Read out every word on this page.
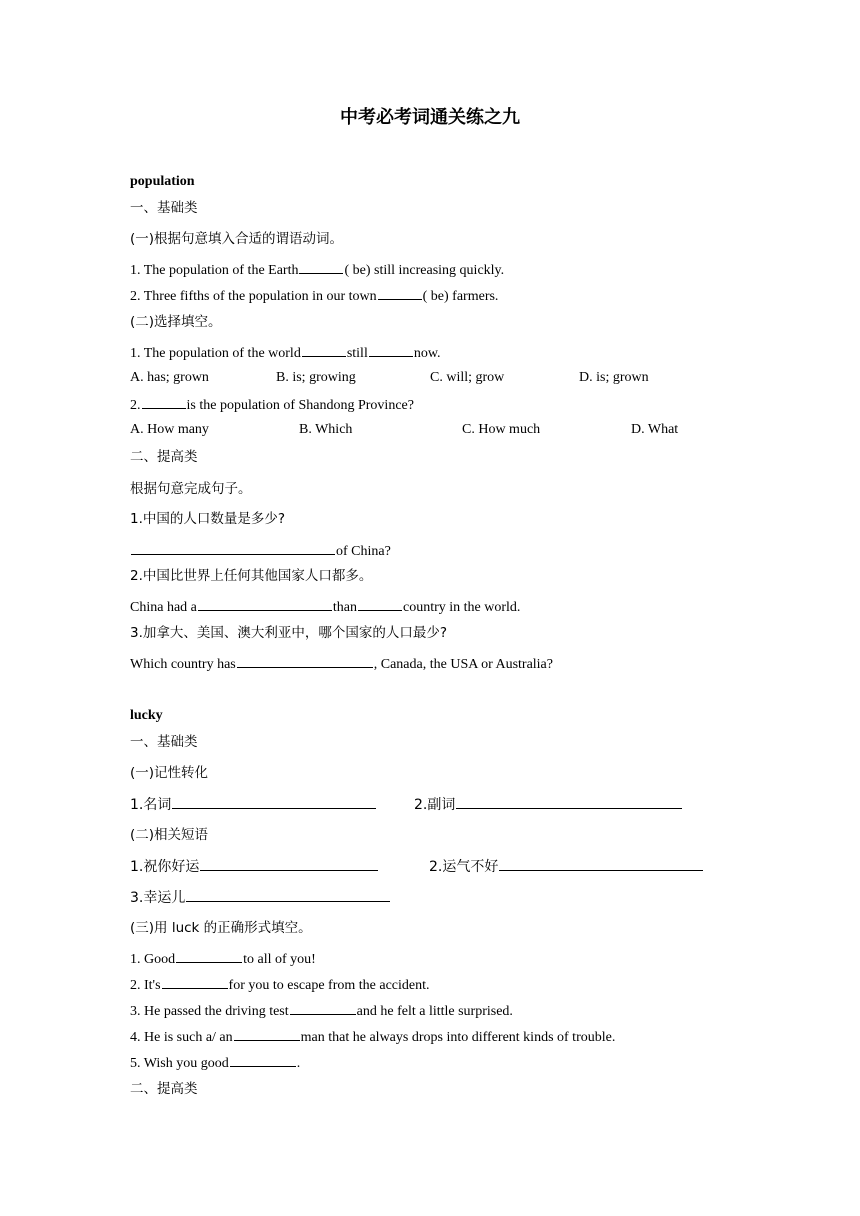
中考必考词通关练之九
population
一、基础类
(一)根据句意填入合适的谓语动词。
1. The population of the Earth	( be) still increasing quickly.
2. Three fifths of the population in our town	( be) farmers.
(二)选择填空。
1. The population of the world	still	now.
A. has; grown	B. is; growing	C. will; grow	D. is; grown
2.	is the population of Shandong Province?
A. How many	B. Which	C. How much	D. What
二、提高类
根据句意完成句子。
1.中国的人口数量是多少?
of China?
2.中国比世界上任何其他国家人口都多。
China had a	than	country in the world.
3.加拿大、美国、澳大利亚中，哪个国家的人口最少?
Which country has	, Canada, the USA or Australia?
lucky
一、基础类
(一)记性转化
1.名词	2.副词
(二)相关短语
1.祝你好运	2.运气不好
3.幸运儿
(三)用 luck 的正确形式填空。
1. Good	to all of you!
2. It's	for you to escape from the accident.
3. He passed the driving test	and he felt a little surprised.
4. He is such a/ an	man that he always drops into different kinds of trouble.
5. Wish you good	.
二、提高类
